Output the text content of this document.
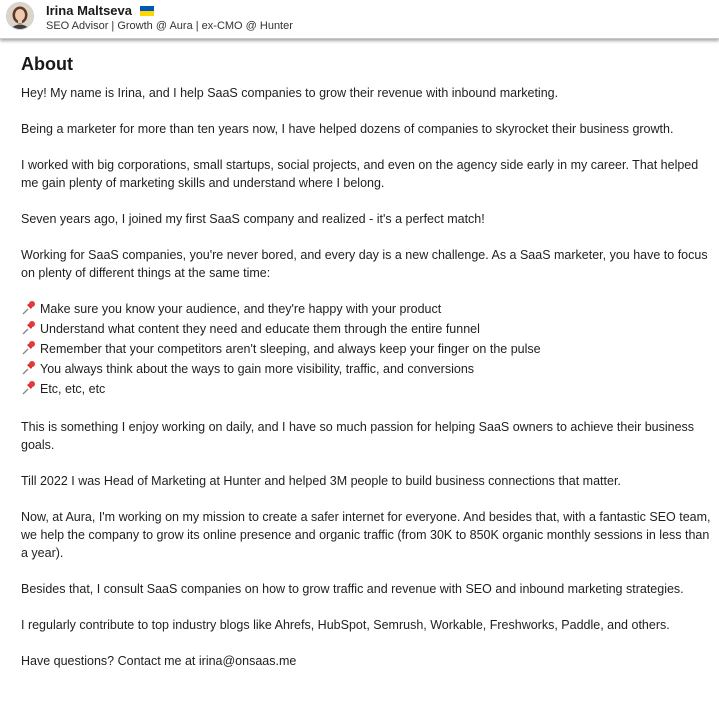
Irina Maltseva
SEO Advisor | Growth @ Aura | ex-CMO @ Hunter
About

Hey! My name is Irina, and I help SaaS companies to grow their revenue with inbound marketing.

Being a marketer for more than ten years now, I have helped dozens of companies to skyrocket their business growth.

I worked with big corporations, small startups, social projects, and even on the agency side early in my career. That helped me gain plenty of marketing skills and understand where I belong.

Seven years ago, I joined my first SaaS company and realized - it's a perfect match!

Working for SaaS companies, you're never bored, and every day is a new challenge. As a SaaS marketer, you have to focus on plenty of different things at the same time:

Make sure you know your audience, and they're happy with your product
Understand what content they need and educate them through the entire funnel
Remember that your competitors aren't sleeping, and always keep your finger on the pulse
You always think about the ways to gain more visibility, traffic, and conversions
Etc, etc, etc

This is something I enjoy working on daily, and I have so much passion for helping SaaS owners to achieve their business goals.

Till 2022 I was Head of Marketing at Hunter and helped 3M people to build business connections that matter.

Now, at Aura, I'm working on my mission to create a safer internet for everyone. And besides that, with a fantastic SEO team, we help the company to grow its online presence and organic traffic (from 30K to 850K organic monthly sessions in less than a year).

Besides that, I consult SaaS companies on how to grow traffic and revenue with SEO and inbound marketing strategies.

I regularly contribute to top industry blogs like Ahrefs, HubSpot, Semrush, Workable, Freshworks, Paddle, and others.

Have questions? Contact me at irina@onsaas.me
